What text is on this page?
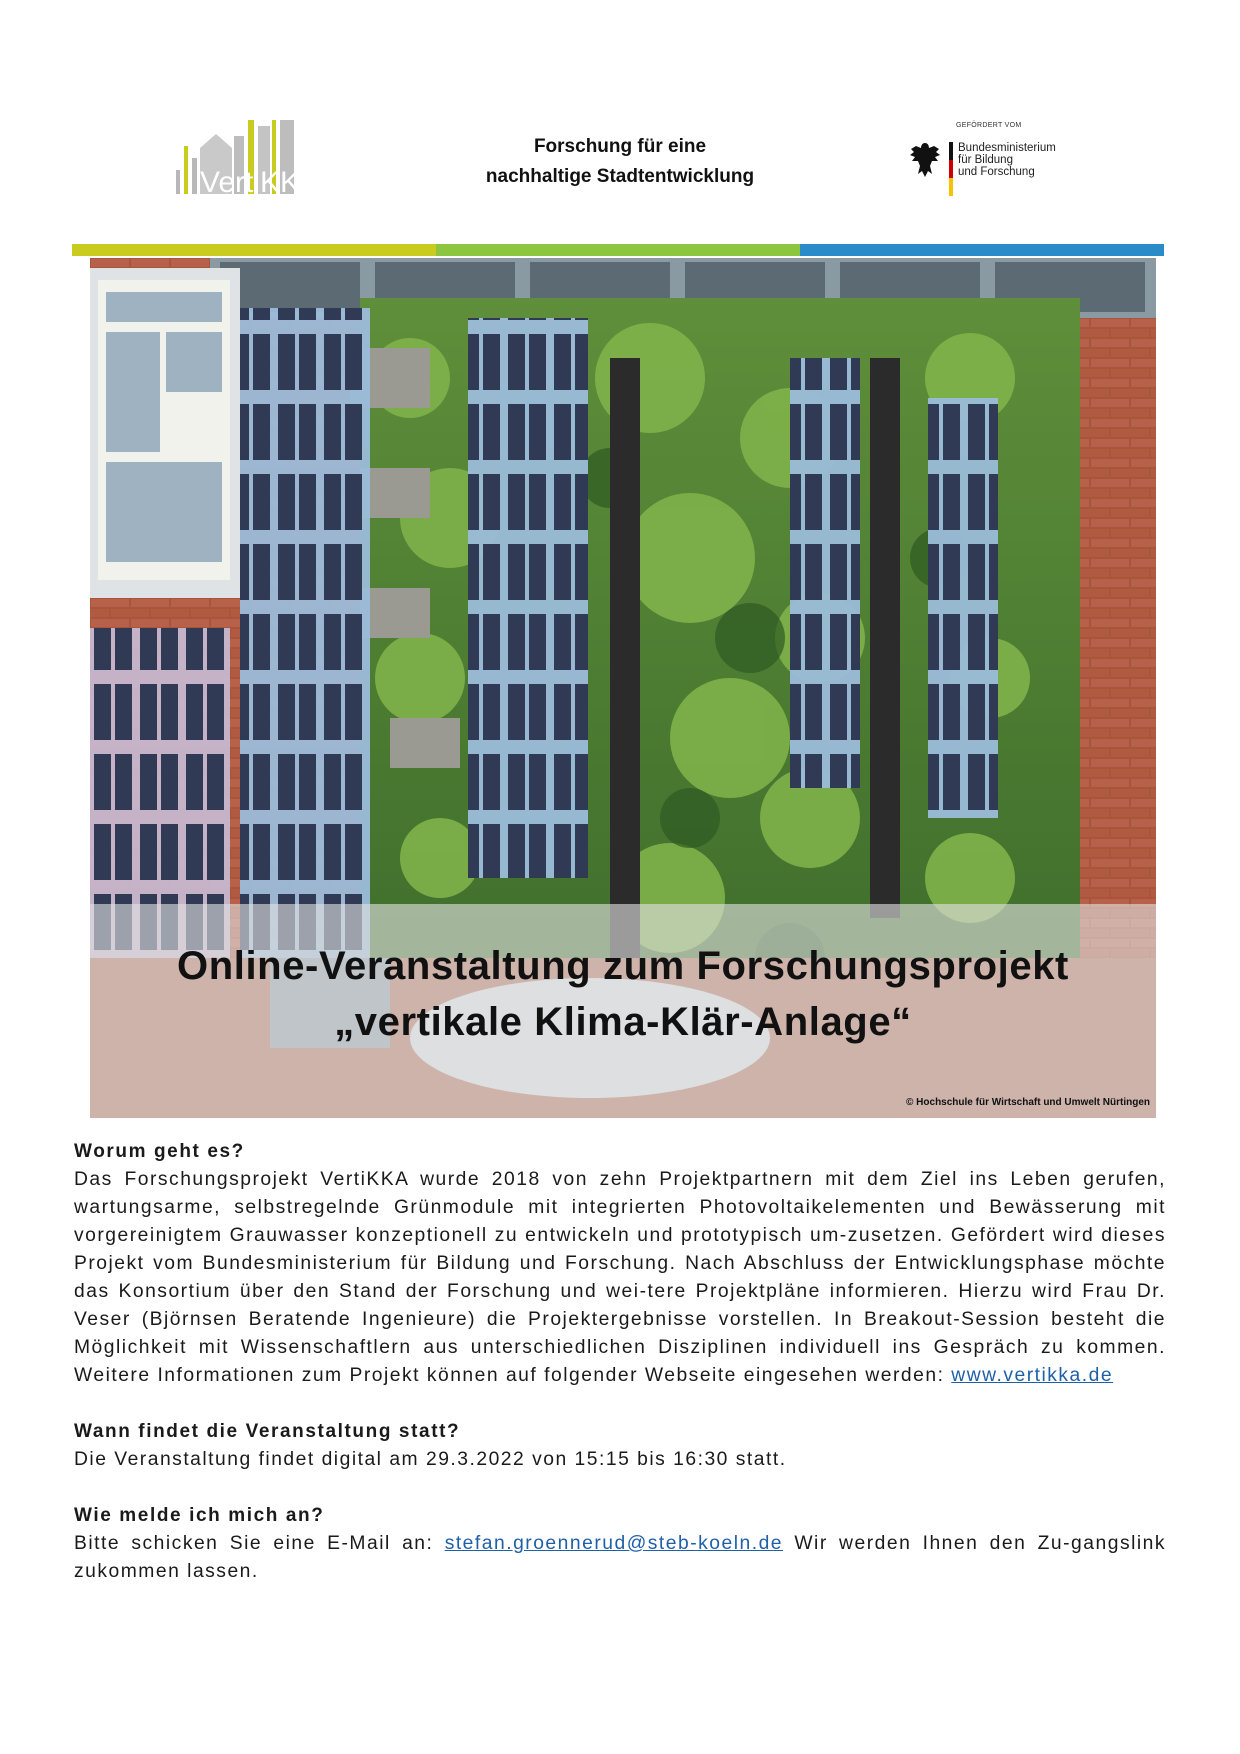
VertiKKA
Forschung für eine
nachhaltige Stadtentwicklung
GEFÖRDERT VOM
Bundesministerium
für Bildung
und Forschung
Online-Veranstaltung zum Forschungsprojekt
„vertikale Klima-Klär-Anlage“
© Hochschule für Wirtschaft und Umwelt Nürtingen
Worum geht es?

Das Forschungsprojekt VertiKKA wurde 2018 von zehn Projektpartnern mit dem Ziel ins Leben gerufen, wartungsarme, selbstregelnde Grünmodule mit integrierten Photovoltaikelementen und Bewässerung mit vorgereinigtem Grauwasser konzeptionell zu entwickeln und prototypisch um-zusetzen. Gefördert wird dieses Projekt vom Bundesministerium für Bildung und Forschung. Nach Abschluss der Entwicklungsphase möchte das Konsortium über den Stand der Forschung und wei-tere Projektpläne informieren. Hierzu wird Frau Dr. Veser (Björnsen Beratende Ingenieure) die Projektergebnisse vorstellen. In Breakout-Session besteht die Möglichkeit mit Wissenschaftlern aus unterschiedlichen Disziplinen individuell ins Gespräch zu kommen. Weitere Informationen zum Projekt können auf folgender Webseite eingesehen werden: www.vertikka.de

Wann findet die Veranstaltung statt?

Die Veranstaltung findet digital am 29.3.2022 von 15:15 bis 16:30 statt.

Wie melde ich mich an?

Bitte schicken Sie eine E-Mail an: stefan.groennerud@steb-koeln.de Wir werden Ihnen den Zu-gangslink zukommen lassen.
